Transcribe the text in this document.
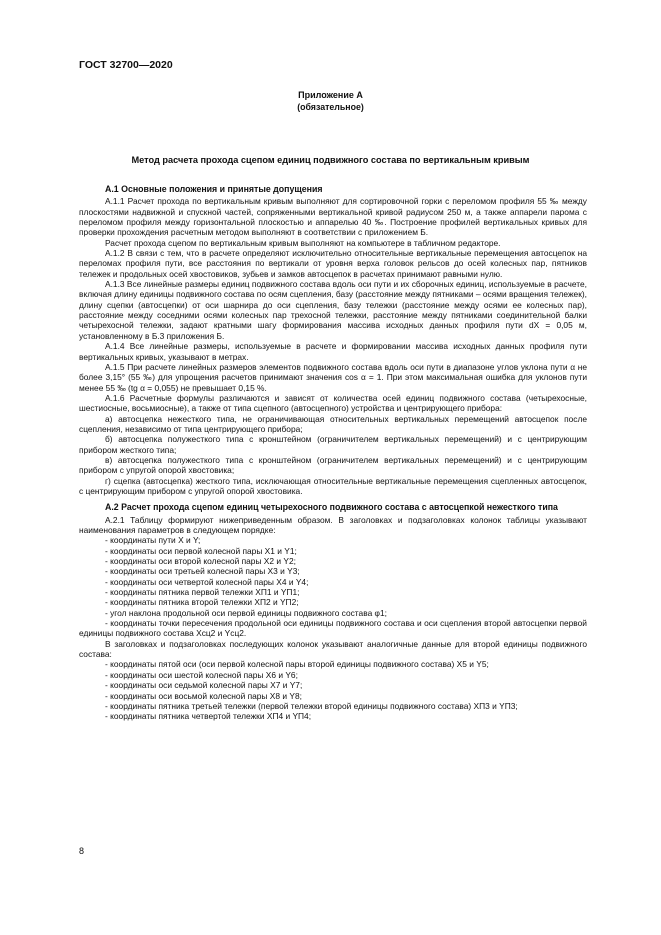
ГОСТ 32700—2020
Приложение А
(обязательное)
Метод расчета прохода сцепом единиц подвижного состава по вертикальным кривым
А.1 Основные положения и принятые допущения

А.1.1 Расчет прохода по вертикальным кривым выполняют для сортировочной горки с переломом профиля 55 ‰ между плоскостями надвижной и спускной частей, сопряженными вертикальной кривой радиусом 250 м, а также аппарели парома с переломом профиля между горизонтальной плоскостью и аппарелью 40 ‰. Построение профилей вертикальных кривых для проверки прохождения расчетным методом выполняют в соответствии с приложением Б.

Расчет прохода сцепом по вертикальным кривым выполняют на компьютере в табличном редакторе.

А.1.2 В связи с тем, что в расчете определяют исключительно относительные вертикальные перемещения автосцепок на переломах профиля пути, все расстояния по вертикали от уровня верха головок рельсов до осей колесных пар, пятников тележек и продольных осей хвостовиков, зубьев и замков автосцепок в расчетах принимают равными нулю.

А.1.3 Все линейные размеры единиц подвижного состава вдоль оси пути и их сборочных единиц, используемые в расчете, включая длину единицы подвижного состава по осям сцепления, базу (расстояние между пятниками – осями вращения тележек), длину сцепки (автосцепки) от оси шарнира до оси сцепления, базу тележки (расстояние между осями ее колесных пар), расстояние между соседними осями колесных пар трехосной тележки, расстояние между пятниками соединительной балки четырехосной тележки, задают кратными шагу формирования массива исходных данных профиля пути dX = 0,05 м, установленному в Б.3 приложения Б.

А.1.4 Все линейные размеры, используемые в расчете и формировании массива исходных данных профиля пути вертикальных кривых, указывают в метрах.

А.1.5 При расчете линейных размеров элементов подвижного состава вдоль оси пути в диапазоне углов уклона пути α не более 3,15° (55 ‰) для упрощения расчетов принимают значения cos α = 1. При этом максимальная ошибка для уклонов пути менее 55 ‰ (tg α = 0,055) не превышает 0,15 %.

А.1.6 Расчетные формулы различаются и зависят от количества осей единиц подвижного состава (четырехосные, шестиосные, восьмиосные), а также от типа сцепного (автосцепного) устройства и центрирующего прибора:

а) автосцепка нежесткого типа, не ограничивающая относительных вертикальных перемещений автосцепок после сцепления, независимо от типа центрирующего прибора;

б) автосцепка полужесткого типа с кронштейном (ограничителем вертикальных перемещений) и с центрирующим прибором жесткого типа;

в) автосцепка полужесткого типа с кронштейном (ограничителем вертикальных перемещений) и с центрирующим прибором с упругой опорой хвостовика;

г) сцепка (автосцепка) жесткого типа, исключающая относительные вертикальные перемещения сцепленных автосцепок, с центрирующим прибором с упругой опорой хвостовика.

А.2 Расчет прохода сцепом единиц четырехосного подвижного состава с автосцепкой нежесткого типа

А.2.1 Таблицу формируют нижеприведенным образом. В заголовках и подзаголовках колонок таблицы указывают наименования параметров в следующем порядке:

- координаты пути X и Y;
- координаты оси первой колесной пары X1 и Y1;
- координаты оси второй колесной пары X2 и Y2;
- координаты оси третьей колесной пары X3 и Y3;
- координаты оси четвертой колесной пары X4 и Y4;
- координаты пятника первой тележки XП1 и YП1;
- координаты пятника второй тележки XП2 и YП2;
- угол наклона продольной оси первой единицы подвижного состава φ1;

- координаты точки пересечения продольной оси единицы подвижного состава и оси сцепления второй автосцепки первой единицы подвижного состава Xсц2 и Yсц2.

В заголовках и подзаголовках последующих колонок указывают аналогичные данные для второй единицы подвижного состава:

- координаты пятой оси (оси первой колесной пары второй единицы подвижного состава) X5 и Y5;
- координаты оси шестой колесной пары X6 и Y6;
- координаты оси седьмой колесной пары X7 и Y7;
- координаты оси восьмой колесной пары X8 и Y8;
- координаты пятника третьей тележки (первой тележки второй единицы подвижного состава) XП3 и YП3;
- координаты пятника четвертой тележки XП4 и YП4;
8
